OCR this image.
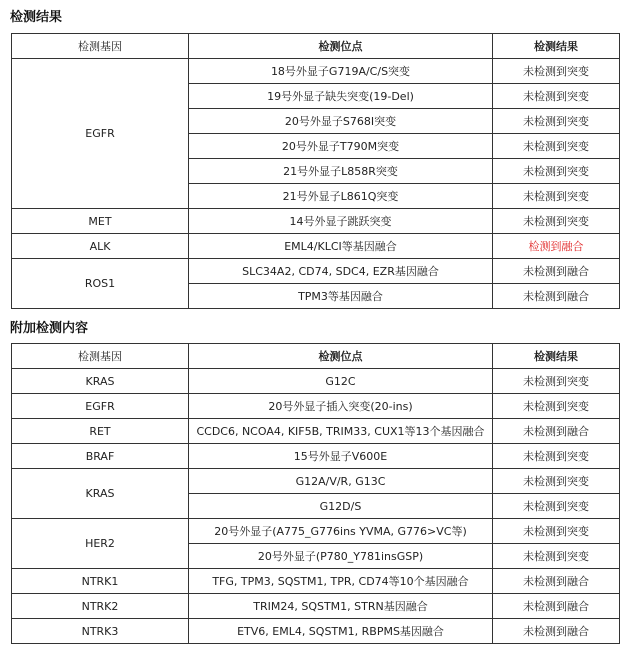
检测结果
检测基因	检测位点	检测结果
EGFR	18号外显子G719A/C/S突变	未检测到突变
	19号外显子缺失突变(19-Del)	未检测到突变
	20号外显子S768I突变	未检测到突变
	20号外显子T790M突变	未检测到突变
	21号外显子L858R突变	未检测到突变
	21号外显子L861Q突变	未检测到突变
MET	14号外显子跳跃突变	未检测到突变
ALK	EML4/KLCI等基因融合	检测到融合
ROS1	SLC34A2, CD74, SDC4, EZR基因融合	未检测到融合
	TPM3等基因融合	未检测到融合
附加检测内容
检测基因	检测位点	检测结果
KRAS	G12C	未检测到突变
EGFR	20号外显子插入突变(20-ins)	未检测到突变
RET	CCDC6, NCOA4, KIF5B, TRIM33, CUX1等13个基因融合	未检测到融合
BRAF	15号外显子V600E	未检测到突变
KRAS	G12A/V/R, G13C	未检测到突变
	G12D/S	未检测到突变
HER2	20号外显子(A775_G776ins YVMA, G776>VC等)	未检测到突变
	20号外显子(P780_Y781insGSP)	未检测到突变
NTRK1	TFG, TPM3, SQSTM1, TPR, CD74等10个基因融合	未检测到融合
NTRK2	TRIM24, SQSTM1, STRN基因融合	未检测到融合
NTRK3	ETV6, EML4, SQSTM1, RBPMS基因融合	未检测到融合
